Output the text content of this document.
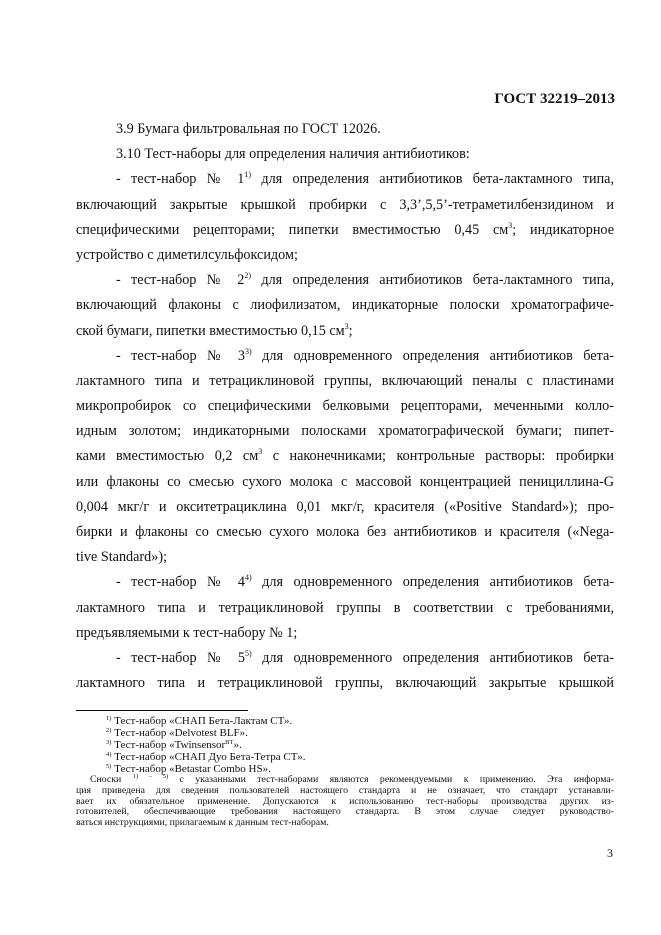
ГОСТ 32219–2013
3.9 Бумага фильтровальная по ГОСТ 12026.
3.10 Тест-наборы для определения наличия антибиотиков:
- тест-набор № 1$^{1)}$ для определения антибиотиков бета-лактамного типа,
включающий закрытые крышкой пробирки с 3,3’,5,5’-тетраметилбензидином и
специфическими рецепторами; пипетки вместимостью 0,45 $см^3$; индикаторное
устройство с диметилсульфоксидом;
- тест-набор № 2$^{2)}$ для определения антибиотиков бета-лактамного типа,
включающий флаконы с лиофилизатом, индикаторные полоски хроматографиче-
ской бумаги, пипетки вместимостью 0,15 $см^3$;
- тест-набор № 3$^{3)}$ для одновременного определения антибиотиков бета-
лактамного типа и тетрациклиновой группы, включающий пеналы с пластинами
микропробирок со специфическими белковыми рецепторами, меченными колло-
идным золотом; индикаторными полосками хроматографической бумаги; пипет-
ками вместимостью 0,2 $см^3$ с наконечниками; контрольные растворы: пробирки
или флаконы со смесью сухого молока с массовой концентрацией пенициллина-G
0,004 мкг/г и окситетрациклина 0,01 мкг/г, красителя («Positive Standard»); про-
бирки и флаконы со смесью сухого молока без антибиотиков и красителя («Nega-
tive Standard»);
- тест-набор № 4$^{4)}$ для одновременного определения антибиотиков бета-
лактамного типа и тетрациклиновой группы в соответствии с требованиями,
предъявляемыми к тест-набору № 1;
- тест-набор № 5$^{5)}$ для одновременного определения антибиотиков бета-
лактамного типа и тетрациклиновой группы, включающий закрытые крышкой
$^{1)}$ Тест-набор «СНАП Бета-Лактам СТ».
$^{2)}$ Тест-набор «Delvotest BLF».
$^{3)}$ Тест-набор «Twinsensor$^{BT}$».
$^{4)}$ Тест-набор «СНАП Дуо Бета-Тетра СТ».
$^{5)}$ Тест-набор «Betastar Combo HS».
Сноски $^{1) - 5)}$ с указанными тест-наборами являются рекомендуемыми к применению. Эта информа-
ция приведена для сведения пользователей настоящего стандарта и не означает, что стандарт устанавли-
вает их обязательное применение. Допускаются к использованию тест-наборы производства других из-
готовителей, обеспечивающие требования настоящего стандарта. В этом случае следует руководство-
ваться инструкциями, прилагаемым к данным тест-наборам.
3
